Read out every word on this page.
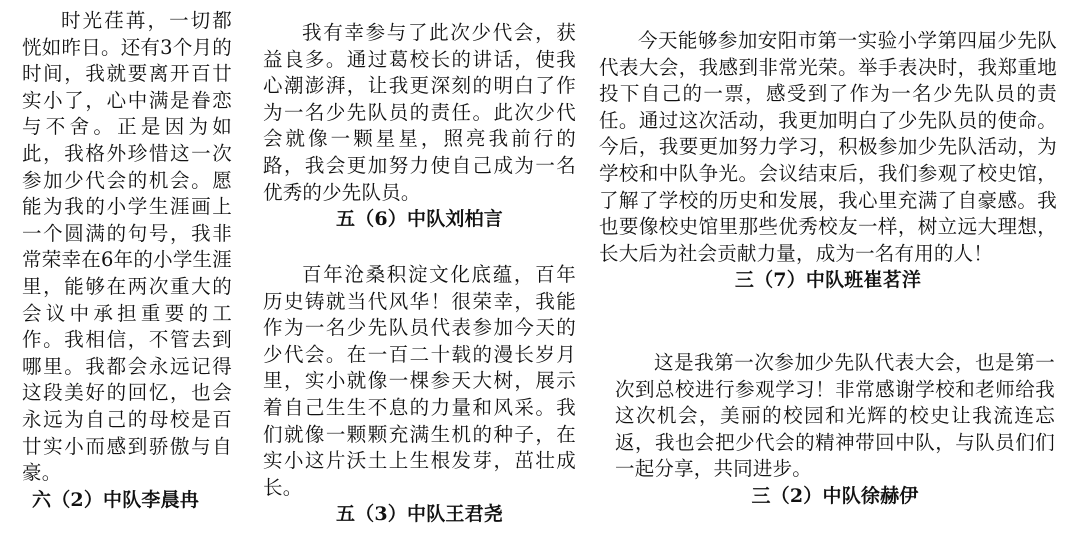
时光荏苒，一切都恍如昨日。还有3个月的时间，我就要离开百廿实小了，心中满是眷恋与不舍。正是因为如此，我格外珍惜这一次参加少代会的机会。愿能为我的小学生涯画上一个圆满的句号，我非常荣幸在6年的小学生涯里，能够在两次重大的会议中承担重要的工作。我相信，不管去到哪里。我都会永远记得这段美好的回忆，也会永远为自己的母校是百廿实小而感到骄傲与自豪。

六（2）中队李晨冉

我有幸参与了此次少代会，获益良多。通过葛校长的讲话，使我心潮澎湃，让我更深刻的明白了作为一名少先队员的责任。此次少代会就像一颗星星，照亮我前行的路，我会更加努力使自己成为一名优秀的少先队员。

五（6）中队刘柏言

百年沧桑积淀文化底蕴，百年历史铸就当代风华！很荣幸，我能作为一名少先队员代表参加今天的少代会。在一百二十载的漫长岁月里，实小就像一棵参天大树，展示着自己生生不息的力量和风采。我们就像一颗颗充满生机的种子，在实小这片沃土上生根发芽，茁壮成长。

五（3）中队王君尧

今天能够参加安阳市第一实验小学第四届少先队代表大会，我感到非常光荣。举手表决时，我郑重地投下自己的一票，感受到了作为一名少先队员的责任。通过这次活动，我更加明白了少先队员的使命。今后，我要更加努力学习，积极参加少先队活动，为学校和中队争光。会议结束后，我们参观了校史馆，了解了学校的历史和发展，我心里充满了自豪感。我也要像校史馆里那些优秀校友一样，树立远大理想，长大后为社会贡献力量，成为一名有用的人！

三（7）中队班崔茗洋

这是我第一次参加少先队代表大会，也是第一次到总校进行参观学习！非常感谢学校和老师给我这次机会，美丽的校园和光辉的校史让我流连忘返，我也会把少代会的精神带回中队，与队员们们一起分享，共同进步。

三（2）中队徐赫伊
